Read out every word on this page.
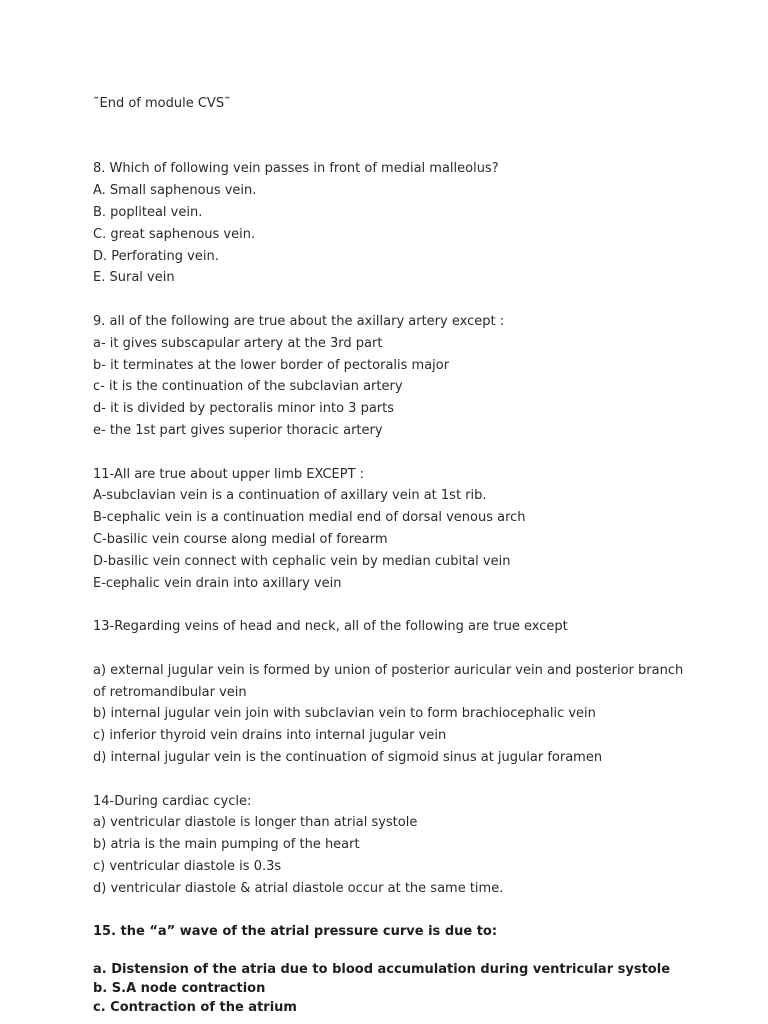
˜End of module CVS˜
8. Which of following vein passes in front of medial malleolus?
A. Small saphenous vein.
B. popliteal vein.
C. great saphenous vein.
D. Perforating vein.
E. Sural vein
9. all of the following are true about the axillary artery except :
a- it gives subscapular artery at the 3rd part
b- it terminates at the lower border of pectoralis major
c- it is the continuation of the subclavian artery
d- it is divided by pectoralis minor into 3 parts
e- the 1st part gives superior thoracic artery
11-All are true about upper limb EXCEPT :
A-subclavian vein is a continuation of axillary vein at 1st rib.
B-cephalic vein is a continuation medial end of dorsal venous arch
C-basilic vein course along medial of forearm
D-basilic vein connect with cephalic vein by median cubital vein
E-cephalic vein drain into axillary vein
13-Regarding veins of head and neck, all of the following are true except
a) external jugular vein is formed by union of posterior auricular vein and posterior branch of retromandibular vein
b) internal jugular vein join with subclavian vein to form brachiocephalic vein
c) inferior thyroid vein drains into internal jugular vein
d) internal jugular vein is the continuation of sigmoid sinus at jugular foramen
14-During cardiac cycle:
a) ventricular diastole is longer than atrial systole
b) atria is the main pumping of the heart
c) ventricular diastole is 0.3s
d) ventricular diastole & atrial diastole occur at the same time.
15. the “a” wave of the atrial pressure curve is due to:
a. Distension of the atria due to blood accumulation during ventricular systole
b. S.A node contraction
c. Contraction of the atrium
